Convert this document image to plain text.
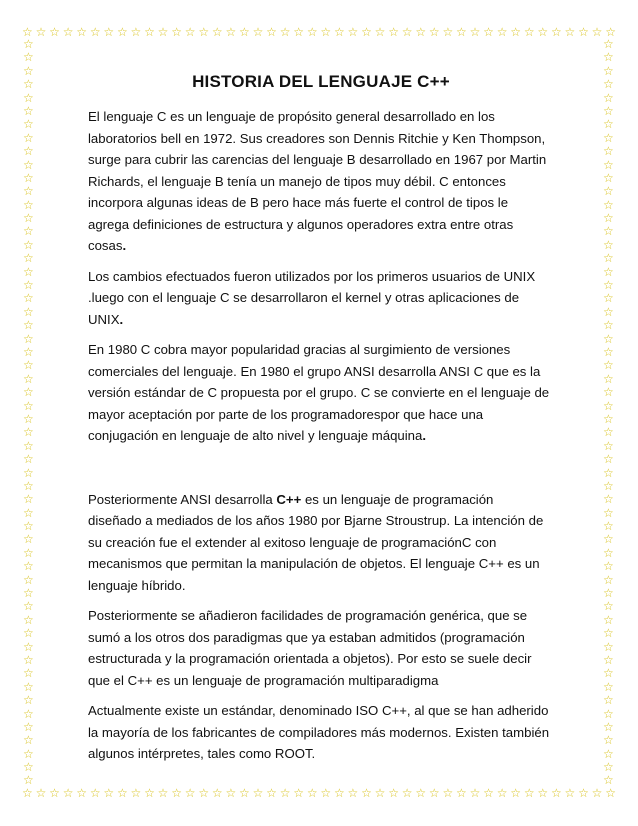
☆ ☆ ☆ ☆ ☆ ☆ ☆ ☆ ☆ ☆ ☆ ☆ ☆ ☆ ☆ ☆ ☆ ☆ ☆ ☆ ☆ ☆ ☆ ☆ ☆ ☆ ☆ ☆ ☆ ☆ ☆ ☆ ☆ ☆ ☆ ☆ ☆ ☆ ☆ ☆ ☆ ☆ ☆ ☆
☆ ☆ ☆ ☆ ☆ ☆ ☆ ☆ ☆ ☆ ☆ ☆ ☆ ☆ ☆ ☆ ☆ ☆ ☆ ☆ ☆ ☆ ☆ ☆ ☆ ☆ ☆ ☆ ☆ ☆ ☆ ☆ ☆ ☆ ☆ ☆ ☆ ☆ ☆ ☆ ☆ ☆ ☆ ☆
☆
☆
☆
☆
☆
☆
☆
☆
☆
☆
☆
☆
☆
☆
☆
☆
☆
☆
☆
☆
☆
☆
☆
☆
☆
☆
☆
☆
☆
☆
☆
☆
☆
☆
☆
☆
☆
☆
☆
☆
☆
☆
☆
☆
☆
☆
☆
☆
☆
☆
☆
☆
☆
☆
☆
☆
☆
☆
☆
☆
☆
☆
☆
☆
☆
☆
☆
☆
☆
☆
☆
☆
☆
☆
☆
☆
☆
☆
☆
☆
☆
☆
☆
☆
☆
☆
☆
☆
☆
☆
☆
☆
☆
☆
☆
☆
☆
☆
☆
☆
☆
☆
☆
☆
☆
☆
☆
☆
☆
☆
☆
☆
HISTORIA DEL LENGUAJE C++

El lenguaje C es un lenguaje de propósito general desarrollado en los laboratorios bell en 1972. Sus creadores son Dennis Ritchie y Ken Thompson, surge para cubrir las carencias del lenguaje B desarrollado en 1967 por Martin Richards, el lenguaje B tenía un manejo de tipos muy débil. C entonces incorpora algunas ideas de B pero hace más fuerte el control de tipos le agrega definiciones de estructura y algunos operadores extra entre otras cosas.

Los cambios efectuados fueron utilizados por los primeros usuarios de UNIX .luego con el lenguaje C se desarrollaron el kernel y otras aplicaciones de UNIX.

En 1980 C cobra mayor popularidad gracias al surgimiento de versiones comerciales del lenguaje. En 1980 el grupo ANSI desarrolla ANSI C que es la versión estándar de C propuesta por el grupo. C se convierte en el lenguaje de mayor aceptación por parte de los programadorespor que hace una conjugación en lenguaje de alto nivel y lenguaje máquina.

Posteriormente ANSI desarrolla C++ es un lenguaje de programación diseñado a mediados de los años 1980 por Bjarne Stroustrup. La intención de su creación fue el extender al exitoso lenguaje de programaciónC con mecanismos que permitan la manipulación de objetos. El lenguaje C++ es un lenguaje híbrido.

Posteriormente se añadieron facilidades de programación genérica, que se sumó a los otros dos paradigmas que ya estaban admitidos (programación estructurada y la programación orientada a objetos). Por esto se suele decir que el C++ es un lenguaje de programación multiparadigma

Actualmente existe un estándar, denominado ISO C++, al que se han adherido la mayoría de los fabricantes de compiladores más modernos. Existen también algunos intérpretes, tales como ROOT.
